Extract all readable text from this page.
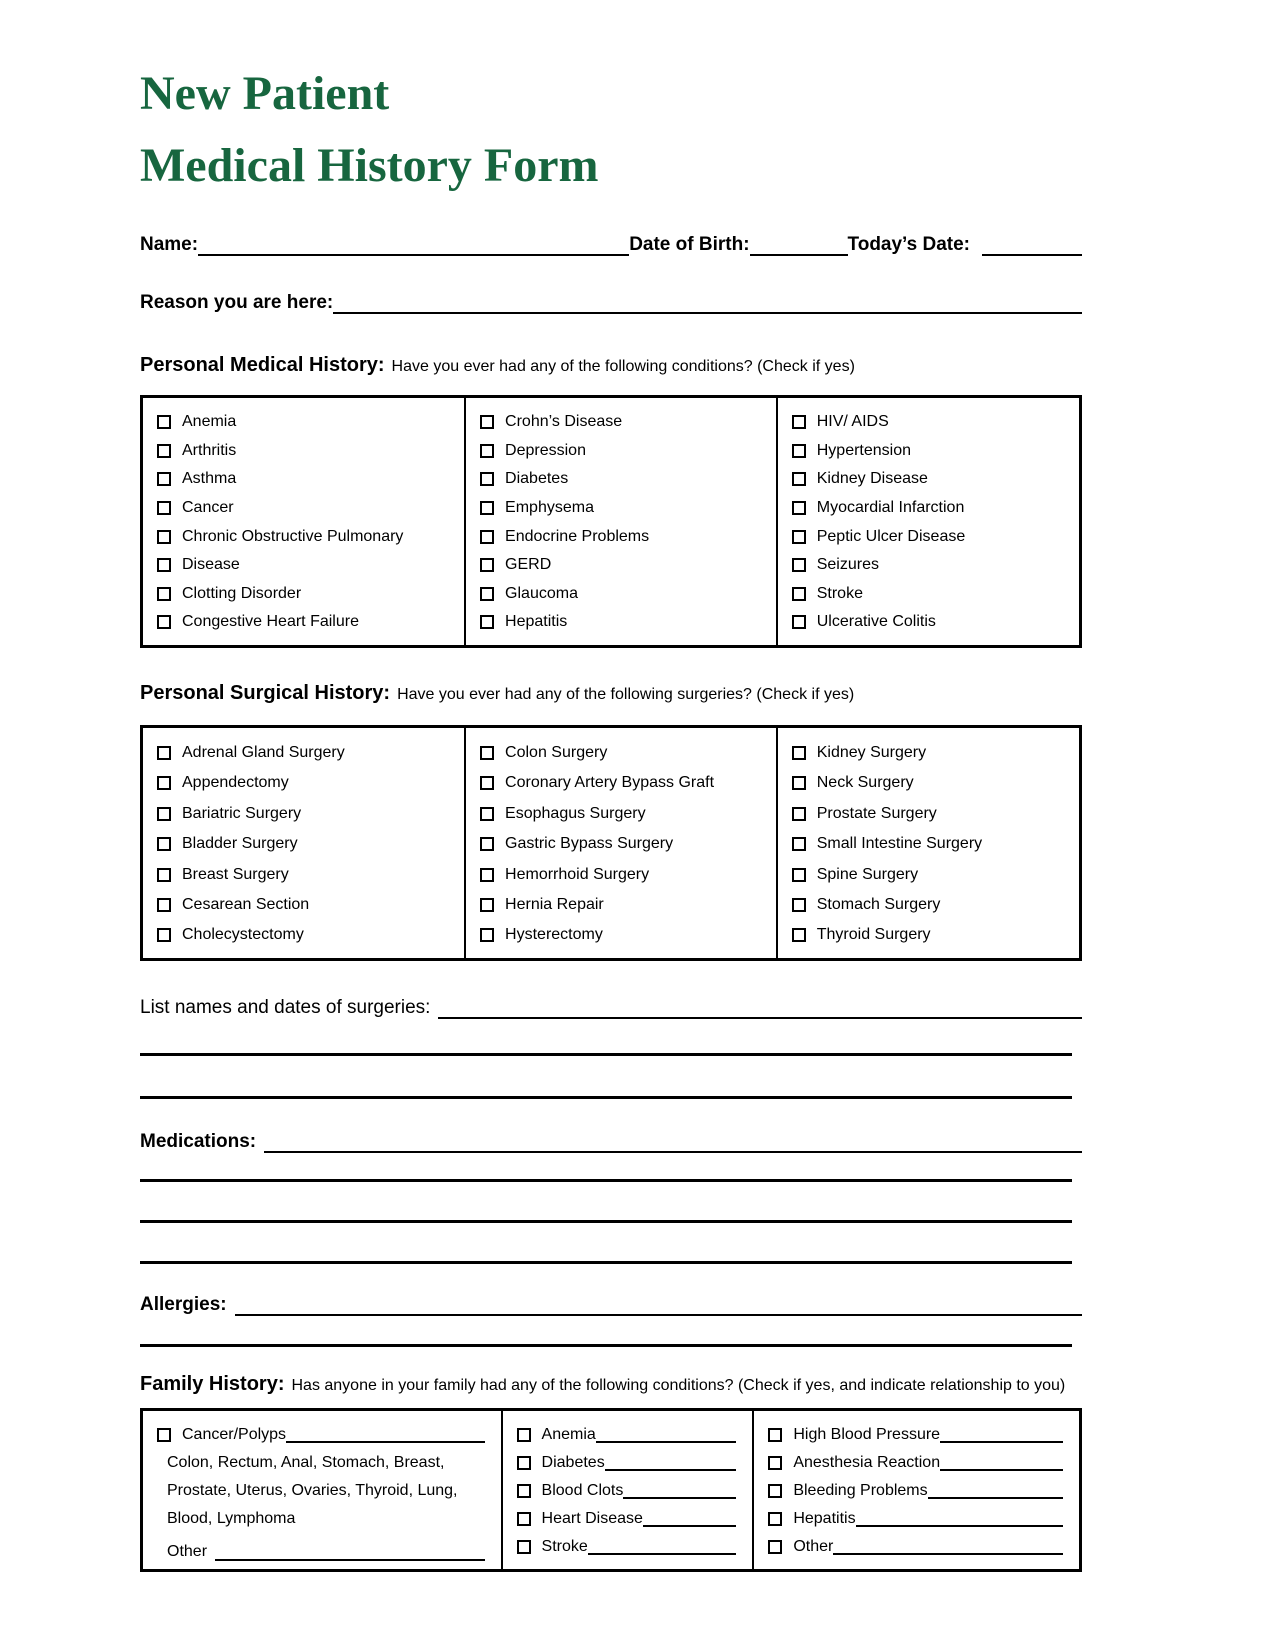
New Patient
Medical History Form
Name:	Date of Birth:	Today’s Date:
Reason you are here:
Personal Medical History: Have you ever had any of the following conditions? (Check if yes)
Anemia
Arthritis
Asthma
Cancer
Chronic Obstructive Pulmonary
Disease
Clotting Disorder
Congestive Heart Failure
Crohn’s Disease
Depression
Diabetes
Emphysema
Endocrine Problems
GERD
Glaucoma
Hepatitis
HIV/ AIDS
Hypertension
Kidney Disease
Myocardial Infarction
Peptic Ulcer Disease
Seizures
Stroke
Ulcerative Colitis
Personal Surgical History: Have you ever had any of the following surgeries? (Check if yes)
Adrenal Gland Surgery
Appendectomy
Bariatric Surgery
Bladder Surgery
Breast Surgery
Cesarean Section
Cholecystectomy
Colon Surgery
Coronary Artery Bypass Graft
Esophagus Surgery
Gastric Bypass Surgery
Hemorrhoid Surgery
Hernia Repair
Hysterectomy
Kidney Surgery
Neck Surgery
Prostate Surgery
Small Intestine Surgery
Spine Surgery
Stomach Surgery
Thyroid Surgery
List names and dates of surgeries:
Medications:
Allergies:
Family History: Has anyone in your family had any of the following conditions? (Check if yes, and indicate relationship to you)
Cancer/Polyps
Colon, Rectum, Anal, Stomach, Breast,
Prostate, Uterus, Ovaries, Thyroid, Lung,
Blood, Lymphoma
Other
Anemia
Diabetes
Blood Clots
Heart Disease
Stroke
High Blood Pressure
Anesthesia Reaction
Bleeding Problems
Hepatitis
Other
